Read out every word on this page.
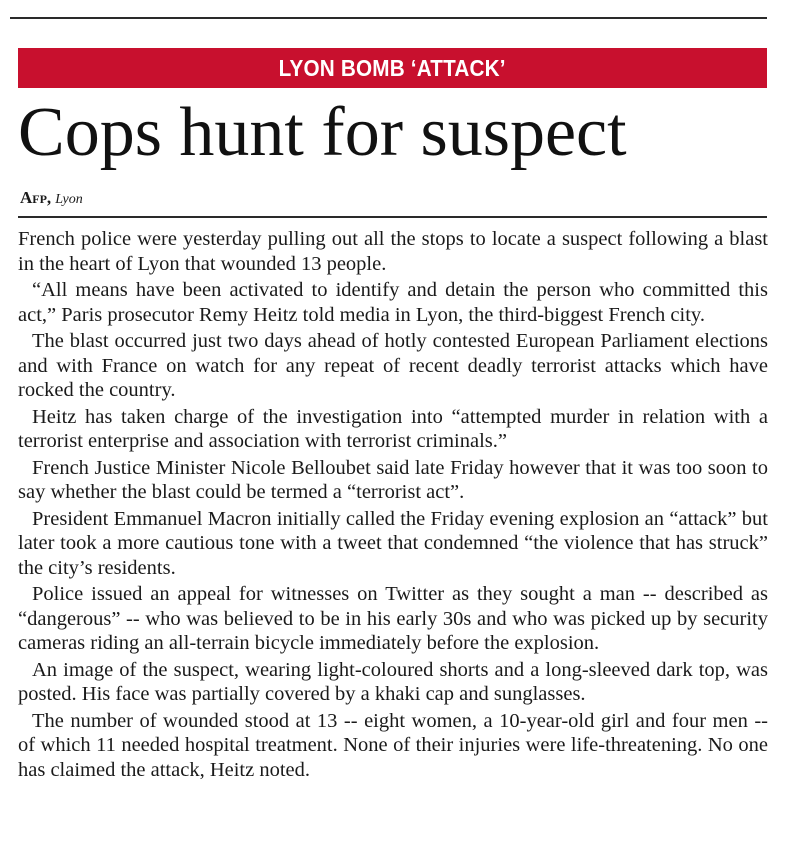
LYON BOMB ‘ATTACK’
Cops hunt for suspect
Afp, Lyon

French police were yesterday pulling out all the stops to locate a suspect following a blast in the heart of Lyon that wounded 13 people.

“All means have been activated to identify and detain the person who committed this act,” Paris prosecutor Remy Heitz told media in Lyon, the third-biggest French city.

The blast occurred just two days ahead of hotly contested European Parliament elections and with France on watch for any repeat of recent deadly terrorist attacks which have rocked the country.

Heitz has taken charge of the investigation into “attempted murder in relation with a terrorist enterprise and association with terrorist criminals.”

French Justice Minister Nicole Belloubet said late Friday however that it was too soon to say whether the blast could be termed a “terrorist act”.

President Emmanuel Macron initially called the Friday evening explosion an “attack” but later took a more cautious tone with a tweet that condemned “the violence that has struck” the city’s residents.

Police issued an appeal for witnesses on Twitter as they sought a man -- described as “dangerous” -- who was believed to be in his early 30s and who was picked up by security cameras riding an all-terrain bicycle immediately before the explosion.

An image of the suspect, wearing light-coloured shorts and a long-sleeved dark top, was posted. His face was partially covered by a khaki cap and sunglasses.

The number of wounded stood at 13 -- eight women, a 10-year-old girl and four men -- of which 11 needed hospital treatment. None of their injuries were life-threatening. No one has claimed the attack, Heitz noted.
